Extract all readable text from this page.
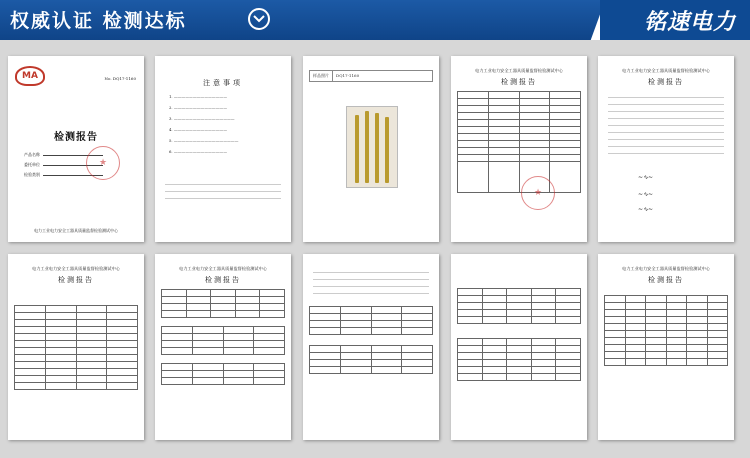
权威认证 检测达标	铭速电力
MA	No. DQ17-1160
检测报告
产品名称
委托单位
检验类别
★
电力工业电力安全工器具质量监督检验测试中心
注意事项
1. ——————————————
2. ——————————————
3. ————————————————
4. ——————————————
5. —————————————————
6. ——————————————
样品照片	DQ17-1160
电力工业电力安全工器具质量监督检验测试中心
检测报告

★
电力工业电力安全工器具质量监督检验测试中心
检测报告
~∿~
~∿~
~∿~
电力工业电力安全工器具质量监督检验测试中心
检测报告

电力工业电力安全工器具质量监督检验测试中心
检测报告

电力工业电力安全工器具质量监督检验测试中心
检测报告
